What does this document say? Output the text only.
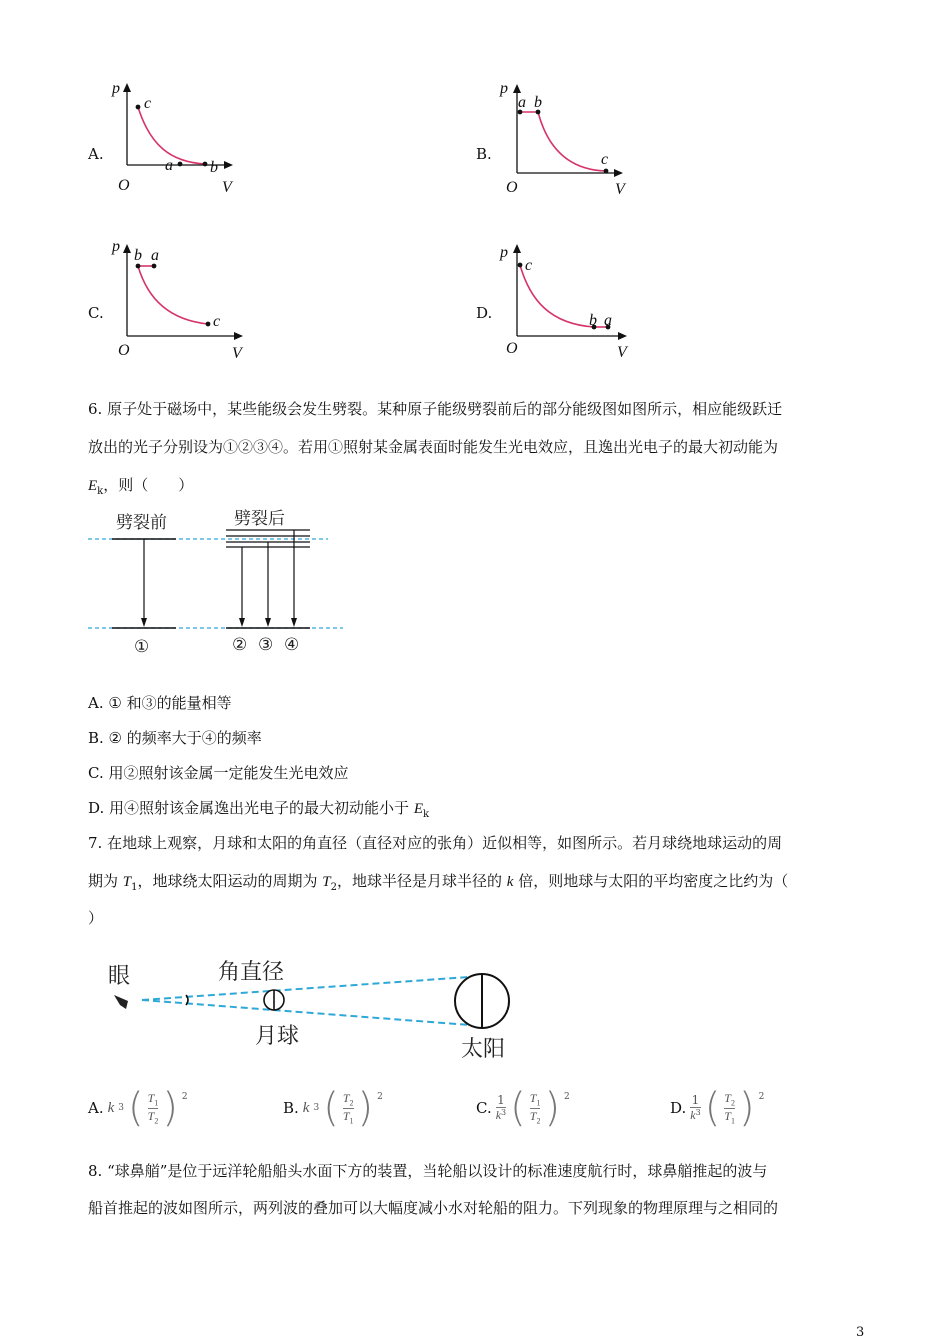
A.
p
V
O
c
a b
B.
p
V
O
a b
c
C.
p
V
O
b a
c	D.
p
V
O
c
b a
6. 原子处于磁场中，某些能级会发生劈裂。某种原子能级劈裂前后的部分能级图如图所示，相应能级跃迁
放出的光子分别设为①②③④。若用①照射某金属表面时能发生光电效应，且逸出光电子的最大初动能为
$E_k$，则（　　）
劈裂前	劈裂后
①	② ③ ④
A. ① 和③的能量相等
B. ② 的频率大于④的频率
C. 用②照射该金属一定能发生光电效应
D. 用④照射该金属逸出光电子的最大初动能小于 $E_k$
7. 在地球上观察，月球和太阳的角直径（直径对应的张角）近似相等，如图所示。若月球绕地球运动的周
期为 $T_1$，地球绕太阳运动的周期为 $T_2$，地球半径是月球半径的 k 倍，则地球与太阳的平均密度之比约为（
）
眼	角直径
月球
太阳
A. k 3 ( $\frac{T_1}{T_2}$ ) 2
B. k 3 ( $\frac{T_2}{T_1}$ ) 2
C. $\frac{1}{k^3}$ ( $\frac{T_1}{T_2}$ ) 2
D. $\frac{1}{k^3}$ ( $\frac{T_2}{T_1}$ ) 2
8. “球鼻艏”是位于远洋轮船船头水面下方的装置，当轮船以设计的标准速度航行时，球鼻艏推起的波与
船首推起的波如图所示，两列波的叠加可以大幅度减小水对轮船的阻力。下列现象的物理原理与之相同的
3
